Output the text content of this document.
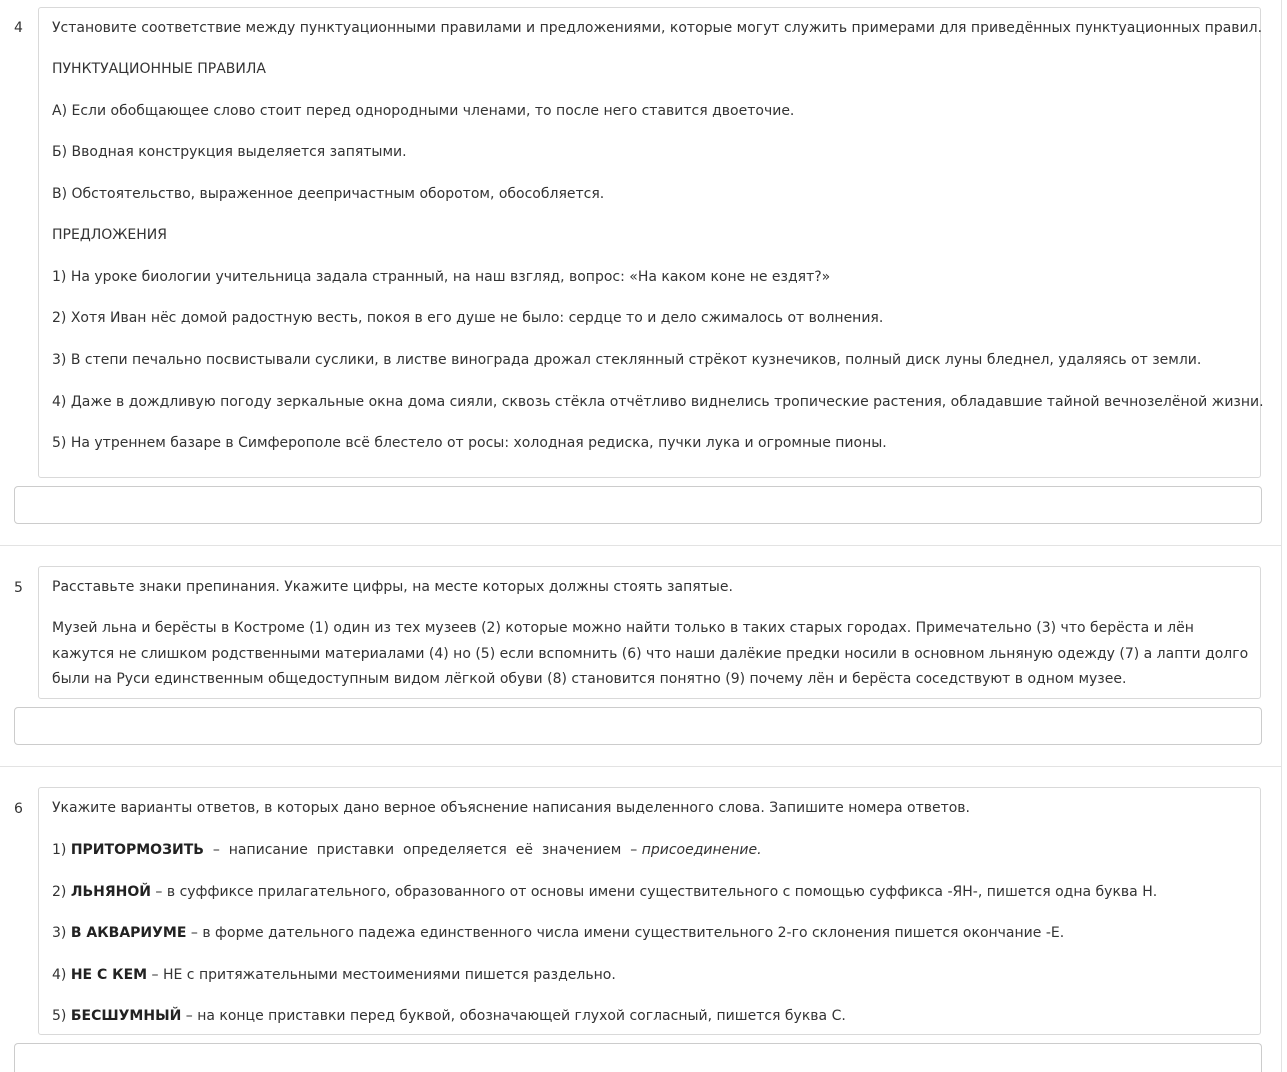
4 Установите соответствие между пунктуационными правилами и предложениями, которые могут служить примерами для приведённых пунктуационных правил.

ПУНКТУАЦИОННЫЕ ПРАВИЛА

А) Если обобщающее слово стоит перед однородными членами, то после него ставится двоеточие.

Б) Вводная конструкция выделяется запятыми.

В) Обстоятельство, выраженное деепричастным оборотом, обособляется.

ПРЕДЛОЖЕНИЯ

1) На уроке биологии учительница задала странный, на наш взгляд, вопрос: «На каком коне не ездят?»

2) Хотя Иван нёс домой радостную весть, покоя в его душе не было: сердце то и дело сжималось от волнения.

3) В степи печально посвистывали суслики, в листве винограда дрожал стеклянный стрёкот кузнечиков, полный диск луны бледнел, удаляясь от земли.

4) Даже в дождливую погоду зеркальные окна дома сияли, сквозь стёкла отчётливо виднелись тропические растения, обладавшие тайной вечнозелёной жизни.

5) На утреннем базаре в Симферополе всё блестело от росы: холодная редиска, пучки лука и огромные пионы.

5 Расставьте знаки препинания. Укажите цифры, на месте которых должны стоять запятые.

Музей льна и берёсты в Костроме (1) один из тех музеев (2) которые можно найти только в таких старых городах. Примечательно (3) что берёста и лён кажутся не слишком родственными материалами (4) но (5) если вспомнить (6) что наши далёкие предки носили в основном льняную одежду (7) а лапти долго были на Руси единственным общедоступным видом лёгкой обуви (8) становится понятно (9) почему лён и берёста соседствуют в одном музее.

6 Укажите варианты ответов, в которых дано верное объяснение написания выделенного слова. Запишите номера ответов.

1) ПРИТОРМОЗИТЬ  –  написание  приставки  определяется  её  значением  – присоединение.

2) ЛЬНЯНОЙ – в суффиксе прилагательного, образованного от основы имени существительного с помощью суффикса -ЯН-, пишется одна буква Н.

3) В АКВАРИУМЕ – в форме дательного падежа единственного числа имени существительного 2-го склонения пишется окончание -Е.

4) НЕ С КЕМ – НЕ с притяжательными местоимениями пишется раздельно.

5) БЕСШУМНЫЙ – на конце приставки перед буквой, обозначающей глухой согласный, пишется буква С.
